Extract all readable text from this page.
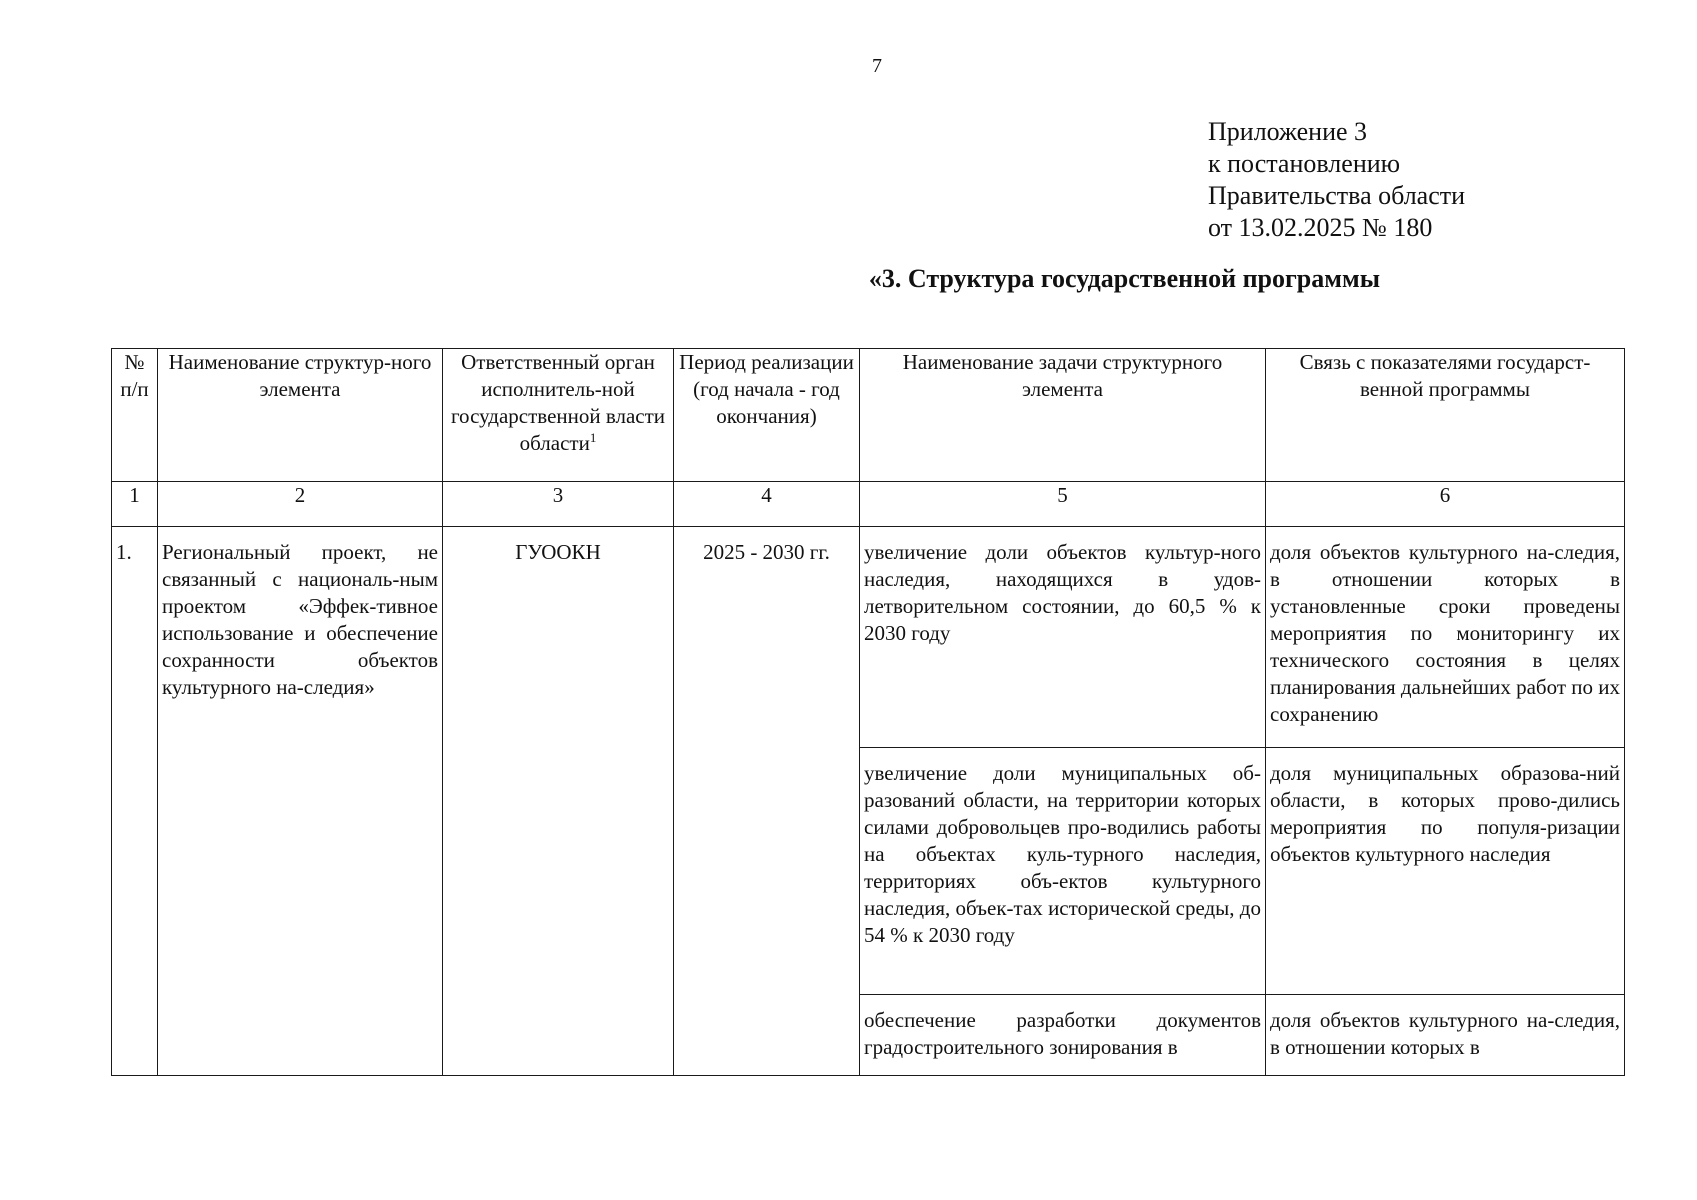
7
Приложение 3
к постановлению
Правительства области
от 13.02.2025 № 180
«3. Структура государственной программы
№ п/п	Наименование структур-ного элемента	Ответственный орган исполнитель-ной государственной власти области$^1$	Период реализации (год начала - год окончания)	Наименование задачи структурного элемента	Связь с показателями государст-венной программы
1	2	3	4	5	6
1.	Региональный проект, не связанный с националь-ным проектом «Эффек-тивное использование и обеспечение сохранности объектов культурного на-следия»	ГУООКН	2025 - 2030 гг.	увеличение доли объектов культур-ного наследия, находящихся в удов-летворительном состоянии, до 60,5 % к 2030 году	доля объектов культурного на-следия, в отношении которых в установленные сроки проведены мероприятия по мониторингу их технического состояния в целях планирования дальнейших работ по их сохранению
				увеличение доли муниципальных об-разований области, на территории которых силами добровольцев про-водились работы на объектах куль-турного наследия, территориях объ-ектов культурного наследия, объек-тах исторической среды, до 54 % к 2030 году	доля муниципальных образова-ний области, в которых прово-дились мероприятия по популя-ризации объектов культурного наследия
				обеспечение разработки документов градостроительного зонирования в	доля объектов культурного на-следия, в отношении которых в
